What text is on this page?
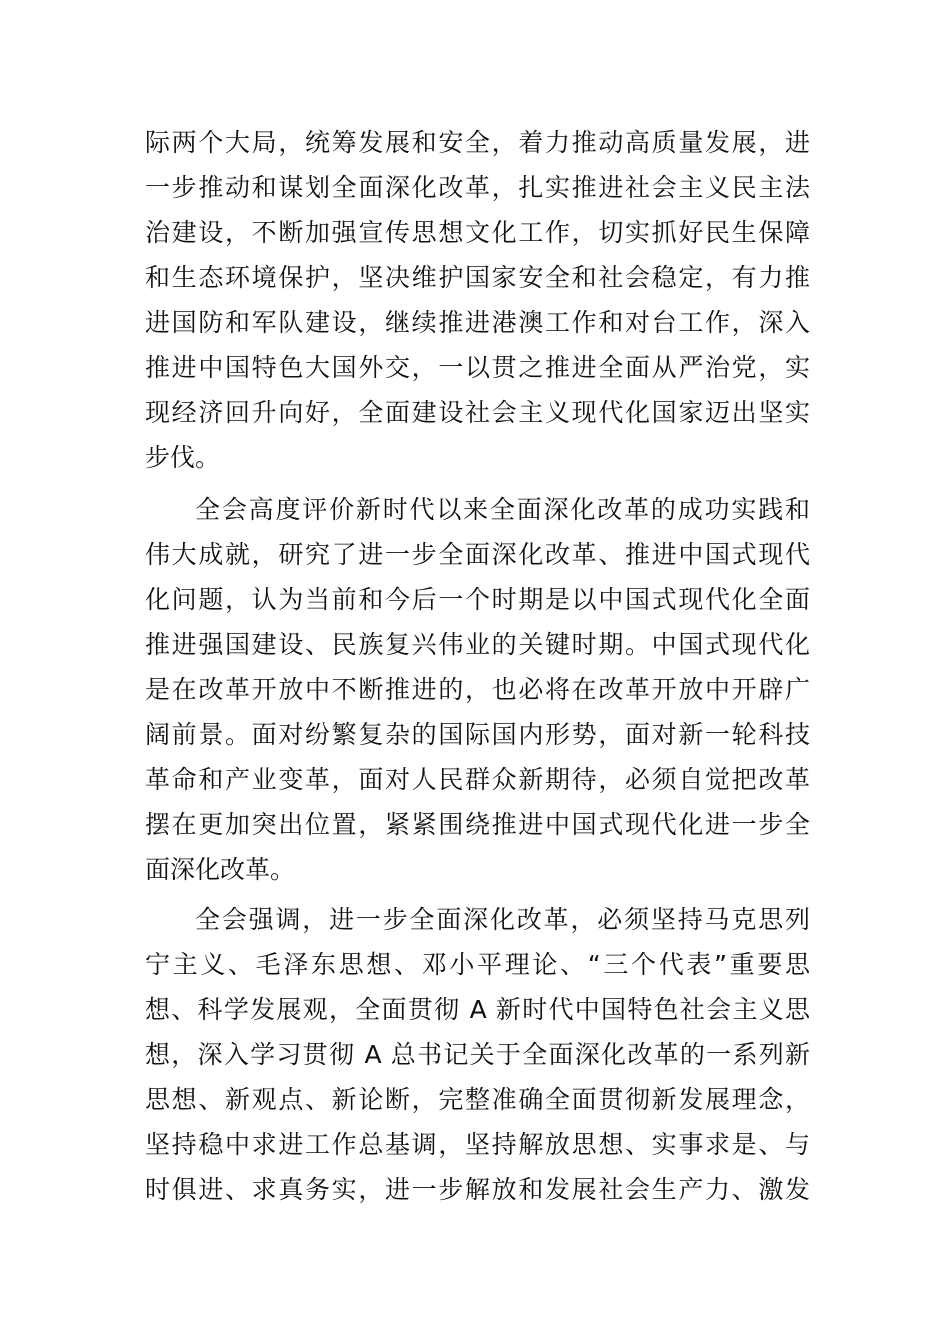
际两个大局，统筹发展和安全，着力推动高质量发展，进
一步推动和谋划全面深化改革，扎实推进社会主义民主法
治建设，不断加强宣传思想文化工作，切实抓好民生保障
和生态环境保护，坚决维护国家安全和社会稳定，有力推
进国防和军队建设，继续推进港澳工作和对台工作，深入
推进中国特色大国外交，一以贯之推进全面从严治党，实
现经济回升向好，全面建设社会主义现代化国家迈出坚实
步伐。
全会高度评价新时代以来全面深化改革的成功实践和
伟大成就，研究了进一步全面深化改革、推进中国式现代
化问题，认为当前和今后一个时期是以中国式现代化全面
推进强国建设、民族复兴伟业的关键时期。中国式现代化
是在改革开放中不断推进的，也必将在改革开放中开辟广
阔前景。面对纷繁复杂的国际国内形势，面对新一轮科技
革命和产业变革，面对人民群众新期待，必须自觉把改革
摆在更加突出位置，紧紧围绕推进中国式现代化进一步全
面深化改革。
全会强调，进一步全面深化改革，必须坚持马克思列
宁主义、毛泽东思想、邓小平理论、“三个代表”重要思
想、科学发展观，全面贯彻 A 新时代中国特色社会主义思
想，深入学习贯彻 A 总书记关于全面深化改革的一系列新
思想、新观点、新论断，完整准确全面贯彻新发展理念，
坚持稳中求进工作总基调，坚持解放思想、实事求是、与
时俱进、求真务实，进一步解放和发展社会生产力、激发
